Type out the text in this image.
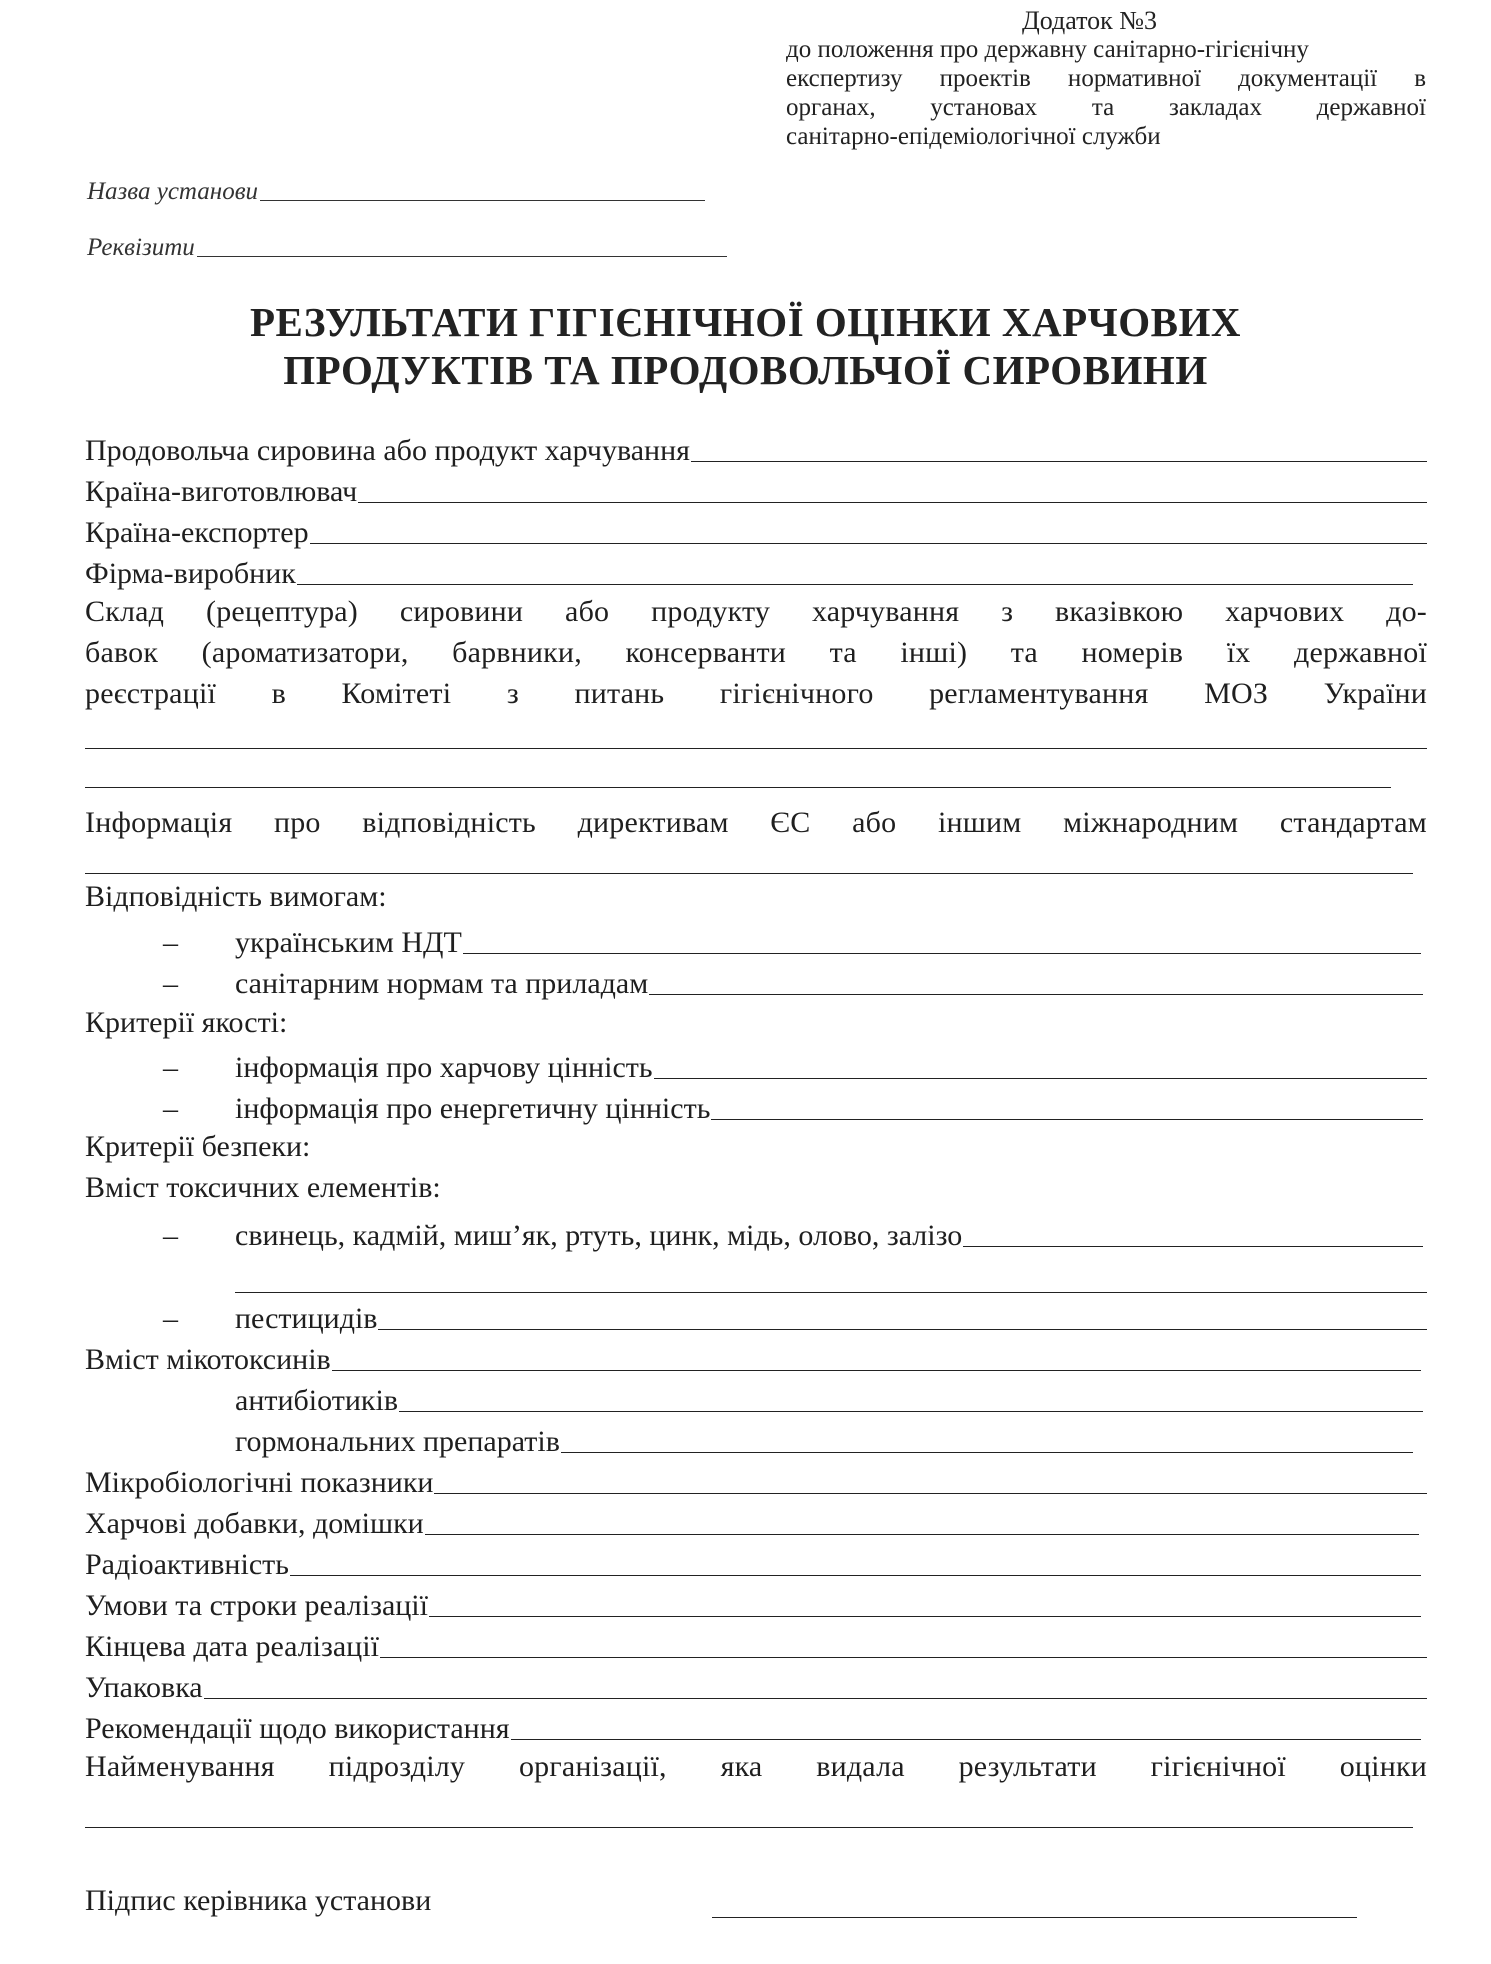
Додаток №3
до положення про державну санітарно-гігієнічну
експертизу проектів нормативної документації в
органах, установах та закладах державної
санітарно-епідеміологічної служби
Назва установи
Реквізити
РЕЗУЛЬТАТИ ГІГІЄНІЧНОЇ ОЦІНКИ ХАРЧОВИХ
ПРОДУКТІВ ТА ПРОДОВОЛЬЧОЇ СИРОВИНИ
Продовольча сировина або продукт харчування
Країна-виготовлювач
Країна-експортер
Фірма-виробник
Склад (рецептура) сировини або продукту харчування з вказівкою харчових до-
бавок (ароматизатори, барвники, консерванти та інші) та номерів їх державної
реєстрації в Комітеті з питань гігієнічного регламентування МОЗ України
Інформація про відповідність директивам ЄС або іншим міжнародним стандартам
Відповідність вимогам:
–	українським НДТ
–	санітарним нормам та приладам
Критерії якості:
–	інформація про харчову цінність
–	інформація про енергетичну цінність
Критерії безпеки:
Вміст токсичних елементів:
–	свинець, кадмій, миш’як, ртуть, цинк, мідь, олово, залізо
–	пестицидів
Вміст мікотоксинів
антибіотиків
гормональних препаратів
Мікробіологічні показники
Харчові добавки, домішки
Радіоактивність
Умови та строки реалізації
Кінцева дата реалізації
Упаковка
Рекомендації щодо використання
Найменування підрозділу організації, яка видала результати гігієнічної оцінки
Підпис керівника установи
